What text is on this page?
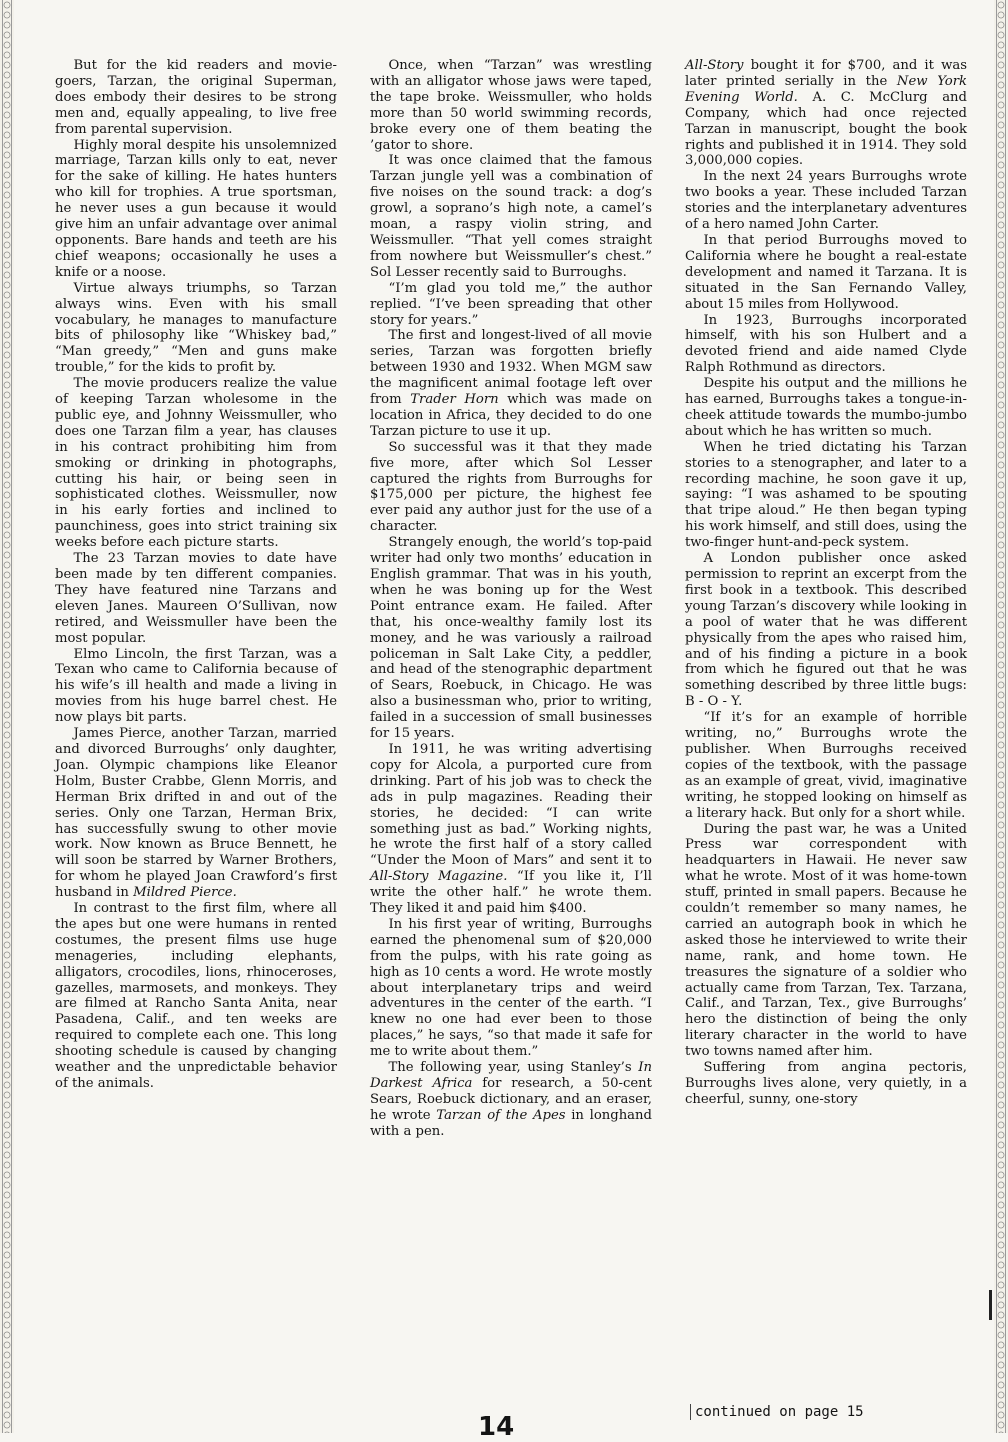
But for the kid readers and movie-goers, Tarzan, the original Superman, does embody their desires to be strong men and, equally appealing, to live free from parental supervision.

Highly moral despite his unsolemnized marriage, Tarzan kills only to eat, never for the sake of killing. He hates hunters who kill for trophies. A true sportsman, he never uses a gun because it would give him an unfair advantage over animal opponents. Bare hands and teeth are his chief weapons; occasionally he uses a knife or a noose.

Virtue always triumphs, so Tarzan always wins. Even with his small vocabulary, he manages to manufacture bits of philosophy like “Whiskey bad,” “Man greedy,” “Men and guns make trouble,” for the kids to profit by.

The movie producers realize the value of keeping Tarzan wholesome in the public eye, and Johnny Weissmuller, who does one Tarzan film a year, has clauses in his contract prohibiting him from smoking or drinking in photographs, cutting his hair, or being seen in sophisticated clothes. Weissmuller, now in his early forties and inclined to paunchiness, goes into strict training six weeks before each picture starts.

The 23 Tarzan movies to date have been made by ten different companies. They have featured nine Tarzans and eleven Janes. Maureen O’Sullivan, now retired, and Weissmuller have been the most popular.

Elmo Lincoln, the first Tarzan, was a Texan who came to California because of his wife’s ill health and made a living in movies from his huge barrel chest. He now plays bit parts.

James Pierce, another Tarzan, married and divorced Burroughs’ only daughter, Joan. Olympic champions like Eleanor Holm, Buster Crabbe, Glenn Morris, and Herman Brix drifted in and out of the series. Only one Tarzan, Herman Brix, has successfully swung to other movie work. Now known as Bruce Bennett, he will soon be starred by Warner Brothers, for whom he played Joan Crawford’s first husband in Mildred Pierce.

In contrast to the first film, where all the apes but one were humans in rented costumes, the present films use huge menageries, including elephants, alligators, crocodiles, lions, rhinoceroses, gazelles, marmosets, and monkeys. They are filmed at Rancho Santa Anita, near Pasadena, Calif., and ten weeks are required to complete each one. This long shooting schedule is caused by changing weather and the unpredictable behavior of the animals.

Once, when “Tarzan” was wrestling with an alligator whose jaws were taped, the tape broke. Weissmuller, who holds more than 50 world swimming records, broke every one of them beating the ’gator to shore.

It was once claimed that the famous Tarzan jungle yell was a combination of five noises on the sound track: a dog’s growl, a soprano’s high note, a camel’s moan, a raspy violin string, and Weissmuller. “That yell comes straight from nowhere but Weissmuller’s chest.” Sol Lesser recently said to Burroughs.

“I’m glad you told me,” the author replied. “I’ve been spreading that other story for years.”

The first and longest-lived of all movie series, Tarzan was forgotten briefly between 1930 and 1932. When MGM saw the magnificent animal footage left over from Trader Horn which was made on location in Africa, they decided to do one Tarzan picture to use it up.

So successful was it that they made five more, after which Sol Lesser captured the rights from Burroughs for $175,000 per picture, the highest fee ever paid any author just for the use of a character.

Strangely enough, the world’s top-paid writer had only two months’ education in English grammar. That was in his youth, when he was boning up for the West Point entrance exam. He failed. After that, his once-wealthy family lost its money, and he was variously a railroad policeman in Salt Lake City, a peddler, and head of the stenographic department of Sears, Roebuck, in Chicago. He was also a businessman who, prior to writing, failed in a succession of small businesses for 15 years.

In 1911, he was writing advertising copy for Alcola, a purported cure from drinking. Part of his job was to check the ads in pulp magazines. Reading their stories, he decided: “I can write something just as bad.” Working nights, he wrote the first half of a story called “Under the Moon of Mars” and sent it to All-Story Magazine. “If you like it, I’ll write the other half.” he wrote them. They liked it and paid him $400.

In his first year of writing, Burroughs earned the phenomenal sum of $20,000 from the pulps, with his rate going as high as 10 cents a word. He wrote mostly about interplanetary trips and weird adventures in the center of the earth. “I knew no one had ever been to those places,” he says, “so that made it safe for me to write about them.”

The following year, using Stanley’s In Darkest Africa for research, a 50-cent Sears, Roebuck dictionary, and an eraser, he wrote Tarzan of the Apes in longhand with a pen.

All-Story bought it for $700, and it was later printed serially in the New York Evening World. A. C. McClurg and Company, which had once rejected Tarzan in manuscript, bought the book rights and published it in 1914. They sold 3,000,000 copies.

In the next 24 years Burroughs wrote two books a year. These included Tarzan stories and the interplanetary adventures of a hero named John Carter.

In that period Burroughs moved to California where he bought a real-estate development and named it Tarzana. It is situated in the San Fernando Valley, about 15 miles from Hollywood.

In 1923, Burroughs incorporated himself, with his son Hulbert and a devoted friend and aide named Clyde Ralph Rothmund as directors.

Despite his output and the millions he has earned, Burroughs takes a tongue-in-cheek attitude towards the mumbo-jumbo about which he has written so much.

When he tried dictating his Tarzan stories to a stenographer, and later to a recording machine, he soon gave it up, saying: “I was ashamed to be spouting that tripe aloud.” He then began typing his work himself, and still does, using the two-finger hunt-and-peck system.

A London publisher once asked permission to reprint an excerpt from the first book in a textbook. This described young Tarzan’s discovery while looking in a pool of water that he was different physically from the apes who raised him, and of his finding a picture in a book from which he figured out that he was something described by three little bugs: B - O - Y.

“If it’s for an example of horrible writing, no,” Burroughs wrote the publisher. When Burroughs received copies of the textbook, with the passage as an example of great, vivid, imaginative writing, he stopped looking on himself as a literary hack. But only for a short while.

During the past war, he was a United Press war correspondent with headquarters in Hawaii. He never saw what he wrote. Most of it was home-town stuff, printed in small papers. Because he couldn’t remember so many names, he carried an autograph book in which he asked those he interviewed to write their name, rank, and home town. He treasures the signature of a soldier who actually came from Tarzan, Tex. Tarzana, Calif., and Tarzan, Tex., give Burroughs’ hero the distinction of being the only literary character in the world to have two towns named after him.

Suffering from angina pectoris, Burroughs lives alone, very quietly, in a cheerful, sunny, one-story

continued on page 15
14
